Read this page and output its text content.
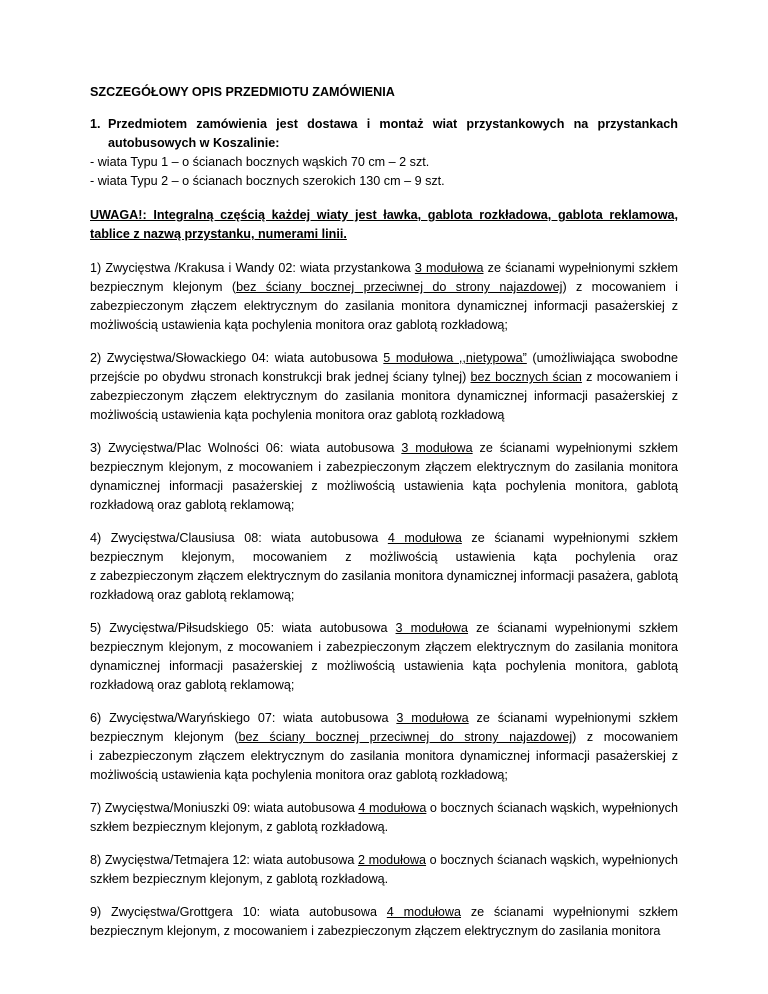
SZCZEGÓŁOWY OPIS PRZEDMIOTU ZAMÓWIENIA

1. Przedmiotem zamówienia jest dostawa i montaż wiat przystankowych na przystankach autobusowych w Koszalinie:
- wiata Typu 1 – o ścianach bocznych wąskich 70 cm – 2 szt.
- wiata Typu 2 – o ścianach bocznych szerokich 130 cm – 9 szt.

UWAGA!: Integralną częścią każdej wiaty jest ławka, gablota rozkładowa, gablota reklamowa, tablice z nazwą przystanku, numerami linii.

1) Zwycięstwa /Krakusa i Wandy 02: wiata przystankowa 3 modułowa ze ścianami wypełnionymi szkłem bezpiecznym klejonym (bez ściany bocznej przeciwnej do strony najazdowej) z mocowaniem i zabezpieczonym złączem elektrycznym do zasilania monitora dynamicznej informacji pasażerskiej z możliwością ustawienia kąta pochylenia monitora oraz gablotą rozkładową;

2) Zwycięstwa/Słowackiego 04: wiata autobusowa 5 modułowa ,,nietypowa” (umożliwiająca swobodne przejście po obydwu stronach konstrukcji brak jednej ściany tylnej) bez bocznych ścian z mocowaniem i zabezpieczonym złączem elektrycznym do zasilania monitora dynamicznej informacji pasażerskiej z możliwością ustawienia kąta pochylenia monitora oraz gablotą rozkładową

3) Zwycięstwa/Plac Wolności 06: wiata autobusowa 3 modułowa ze ścianami wypełnionymi szkłem bezpiecznym klejonym, z mocowaniem i zabezpieczonym złączem elektrycznym do zasilania monitora dynamicznej informacji pasażerskiej z możliwością ustawienia kąta pochylenia monitora, gablotą rozkładową oraz gablotą reklamową;

4) Zwycięstwa/Clausiusa 08: wiata autobusowa 4 modułowa ze ścianami wypełnionymi szkłem bezpiecznym klejonym, mocowaniem z możliwością ustawienia kąta pochylenia oraz
z zabezpieczonym złączem elektrycznym do zasilania monitora dynamicznej informacji pasażera, gablotą rozkładową oraz gablotą reklamową;

5) Zwycięstwa/Piłsudskiego 05: wiata autobusowa 3 modułowa ze ścianami wypełnionymi szkłem bezpiecznym klejonym, z mocowaniem i zabezpieczonym złączem elektrycznym do zasilania monitora dynamicznej informacji pasażerskiej z możliwością ustawienia kąta pochylenia monitora, gablotą rozkładową oraz gablotą reklamową;

6) Zwycięstwa/Waryńskiego 07: wiata autobusowa 3 modułowa ze ścianami wypełnionymi szkłem bezpiecznym klejonym (bez ściany bocznej przeciwnej do strony najazdowej) z mocowaniem
i zabezpieczonym złączem elektrycznym do zasilania monitora dynamicznej informacji pasażerskiej z możliwością ustawienia kąta pochylenia monitora oraz gablotą rozkładową;

7) Zwycięstwa/Moniuszki 09: wiata autobusowa 4 modułowa o bocznych ścianach wąskich, wypełnionych szkłem bezpiecznym klejonym, z gablotą rozkładową.

8) Zwycięstwa/Tetmajera 12: wiata autobusowa 2 modułowa o bocznych ścianach wąskich, wypełnionych szkłem bezpiecznym klejonym, z gablotą rozkładową.

9) Zwycięstwa/Grottgera 10: wiata autobusowa 4 modułowa ze ścianami wypełnionymi szkłem bezpiecznym klejonym, z mocowaniem i zabezpieczonym złączem elektrycznym do zasilania monitora
